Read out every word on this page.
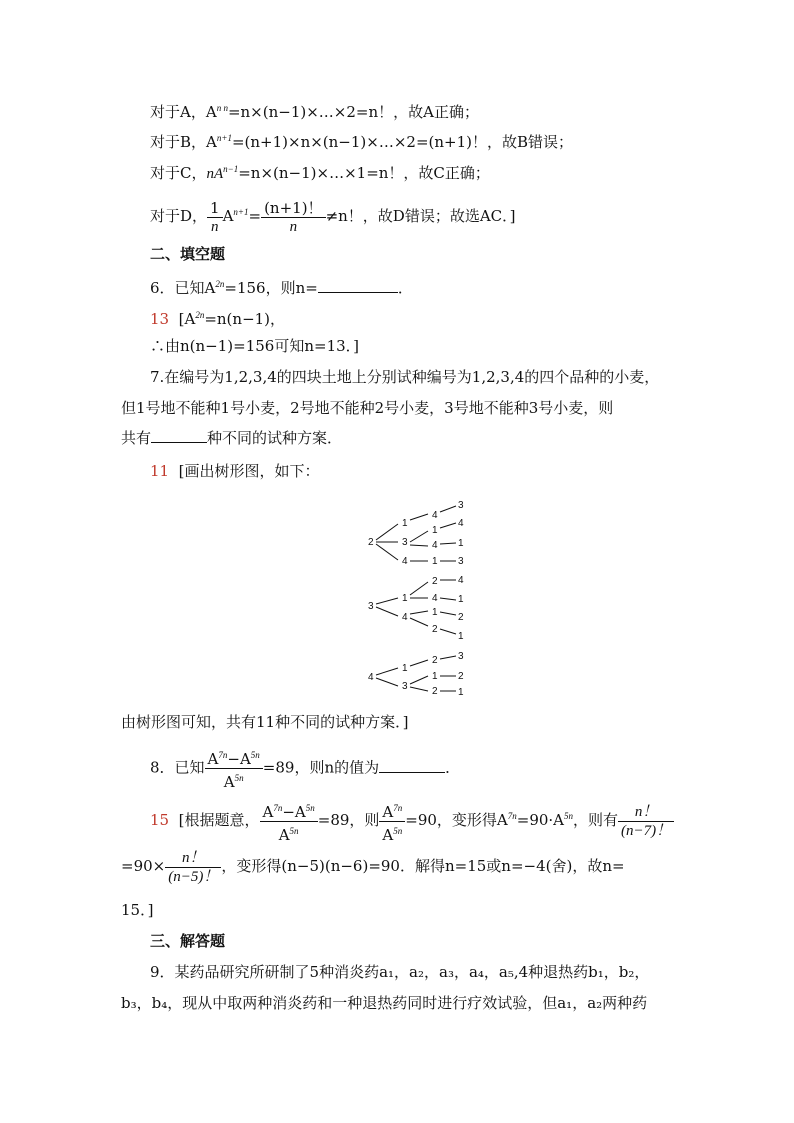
对于A，$A^{n n}=n\times(n-1)\times\dots\times 2=n$！，故A正确；
对于B，$A^{n+1}=(n+1)\times n\times(n-1)\times\dots\times 2=(n+1)$！，故B错误；
对于C，$nA^{n-1}=n\times(n-1)\times\dots\times 1=n$！，故C正确；
对于D， $\frac{1}{n} A^{n+1}= \frac{(n+1)!}{n} \ne n$！，故D错误；故选AC．]
二、填空题
6．已知$A^{2n}=156$，则n=	．
13 [$A^{2n}=n(n-1)$，
∴由n(n−1)=156可知n=13．]
7.在编号为1,2,3,4的四块土地上分别试种编号为1,2,3,4的四个品种的小麦，
但1号地不能种1号小麦，2号地不能种2号小麦，3号地不能种3号小麦，则
共有	种不同的试种方案．
11 [画出树形图，如下：
2
1
3
4
4
3
1
4
4
1
1 3
3
1
4
2
4
4
1
1
2
2
1
4
1
3
2 3
1
2
2
1
由树形图可知，共有11种不同的试种方案．]
8．已知 $\frac{A^{7n}-A^{5n}}{A^{5n}} =89$，则n的值为	．
15 [根据题意， $\frac{A^{7n}-A^{5n}}{A^{5n}} =89$，则 $\frac{A^{7n}}{A^{5n}} =90$，变形得$A^{7n}=90\cdot A^{5n}$，则有 $\frac{n!}{(n-7)!}$
$=90\times \frac{n!}{(n-5)!}$ ，变形得(n−5)(n−6)=90．解得n=15或n=−4(舍)，故n=
15．]
三、解答题
9．某药品研究所研制了5种消炎药a₁，a₂，a₃，a₄，a₅,4种退热药b₁，b₂，
b₃，b₄，现从中取两种消炎药和一种退热药同时进行疗效试验，但a₁，a₂两种药
